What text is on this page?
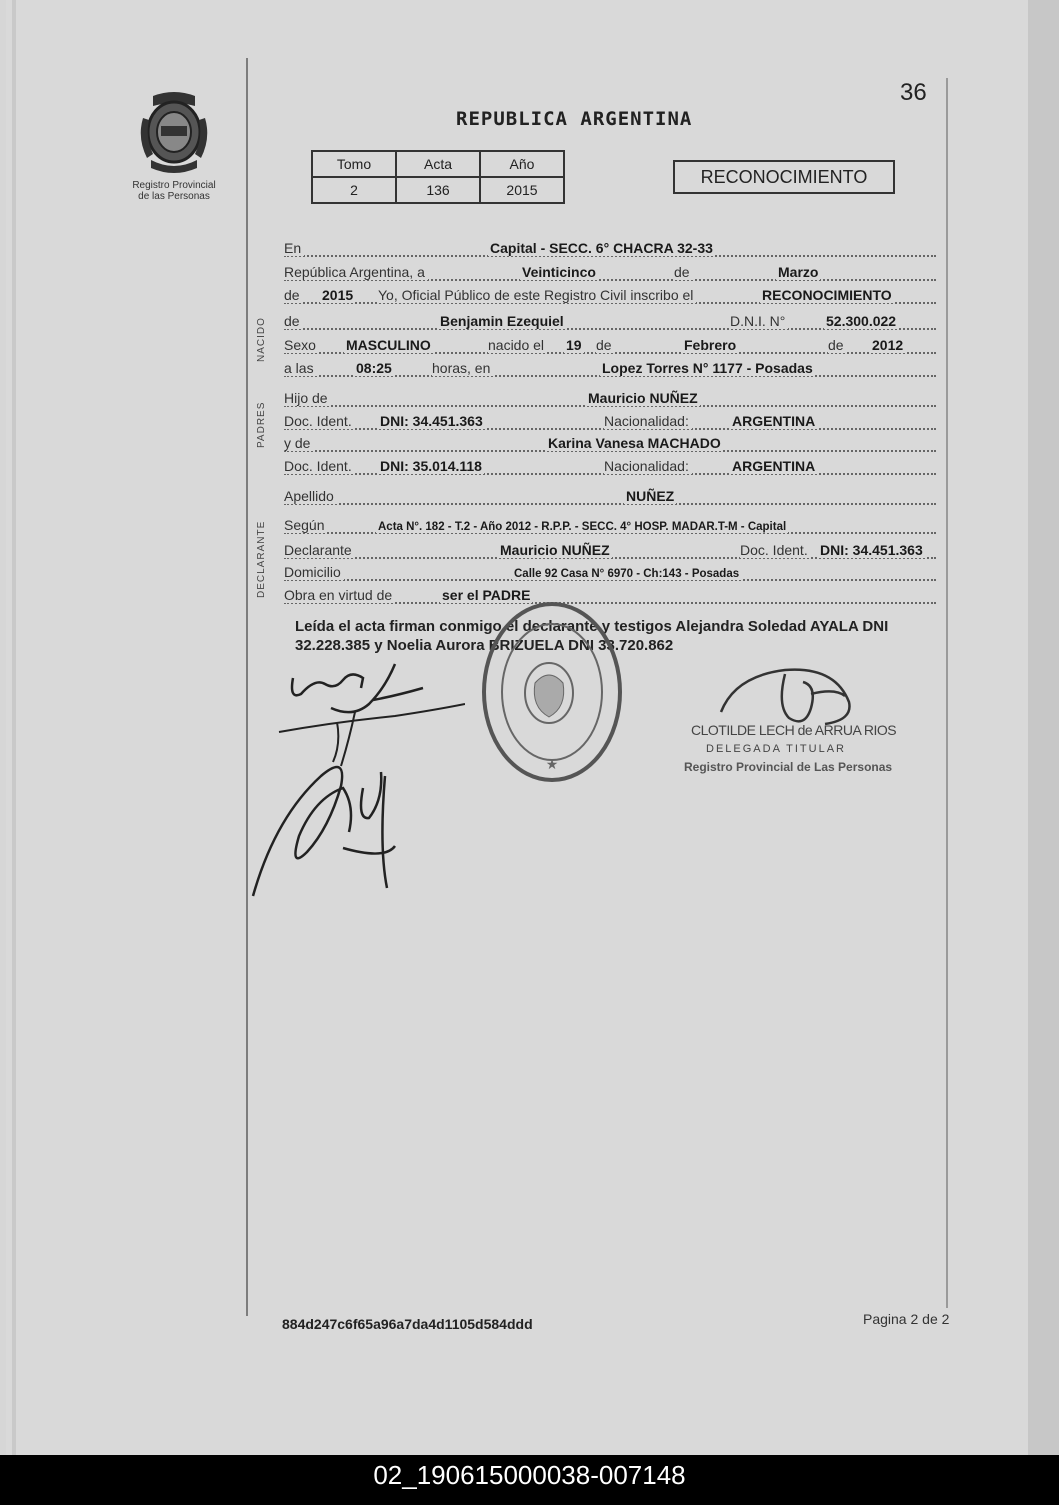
36
Registro Provincial
de las Personas
REPUBLICA ARGENTINA
Tomo	Acta	Año
2	136	2015
RECONOCIMIENTO
NACIDO
PADRES
DECLARANTE
En	Capital - SECC. 6° CHACRA 32-33
República Argentina, a	Veinticinco	de	Marzo
de 2015 Yo, Oficial Público de este Registro Civil inscribo el	RECONOCIMIENTO
de	Benjamin Ezequiel	D.N.I. N°	52.300.022
Sexo MASCULINO	nacido el 19 de	Febrero	de 2012
a las	08:25	horas, en	Lopez Torres N° 1177 - Posadas
Hijo de	Mauricio NUÑEZ
Doc. Ident. DNI: 34.451.363	Nacionalidad:	ARGENTINA
y de	Karina Vanesa MACHADO
Doc. Ident. DNI: 35.014.118	Nacionalidad:	ARGENTINA
Apellido	NUÑEZ
Según	Acta N°. 182 - T.2 - Año 2012 - R.P.P. - SECC. 4° HOSP. MADAR.T-M - Capital
Declarante	Mauricio NUÑEZ	Doc. Ident. DNI: 34.451.363
Domicilio	Calle 92 Casa N° 6970 - Ch:143 - Posadas
Obra en virtud de	ser el PADRE
Leída el acta firman conmigo el declarante y testigos Alejandra Soledad AYALA DNI 32.228.385 y Noelia Aurora BRIZUELA DNI 33.720.862
★
CLOTILDE LECH de ARRUA RIOS
DELEGADA TITULAR
Registro Provincial de Las Personas
884d247c6f65a96a7da4d1105d584ddd	Pagina 2 de 2
02_190615000038-007148
